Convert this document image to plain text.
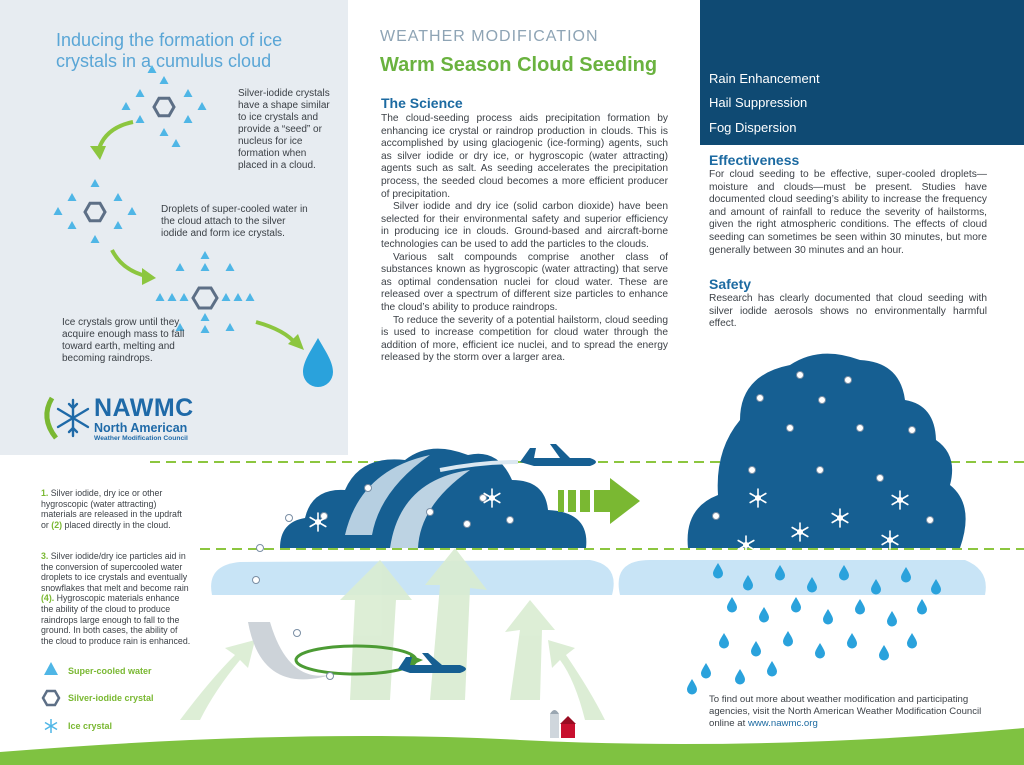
Inducing the formation of ice crystals in a cumulus cloud
Silver-iodide crystals have a shape similar to ice crystals and provide a “seed” or nucleus for ice formation when placed in a cloud.
Droplets of super-cooled water in the cloud attach to the silver iodide and form ice crystals.
Ice crystals grow until they acquire enough mass to fall toward earth, melting and becoming raindrops.
NAWMC
North American
Weather Modification Council
WEATHER MODIFICATION
Warm Season Cloud Seeding
The Science

The cloud-seeding process aids precipitation formation by enhancing ice crystal or raindrop production in clouds. This is accomplished by using glaciogenic (ice-forming) agents, such as silver iodide or dry ice, or hygroscopic (water attracting) agents such as salt. As seeding accelerates the precipitation process, the seeded cloud becomes a more efficient producer of precipitation.

Silver iodide and dry ice (solid carbon dioxide) have been selected for their environmental safety and superior efficiency in producing ice in clouds. Ground-based and aircraft-borne technologies can be used to add the particles to the clouds.

Various salt compounds comprise another class of substances known as hygroscopic (water attracting) that serve as optimal condensation nuclei for cloud water. These are released over a spectrum of different size particles to enhance the cloud’s ability to produce raindrops.

To reduce the severity of a potential hailstorm, cloud seeding is used to increase competition for cloud water through the addition of more, efficient ice nuclei, and to spread the energy released by the storm over a larger area.

Rain Enhancement
Hail Suppression
Fog Dispersion
Effectiveness

For cloud seeding to be effective, super-cooled droplets—moisture and clouds—must be present. Studies have documented cloud seeding’s ability to increase the frequency and amount of rainfall to reduce the severity of hailstorms, given the right atmospheric conditions. The effects of cloud seeding can sometimes be seen within 30 minutes, but more generally between 30 minutes and an hour.

Safety

Research has clearly documented that cloud seeding with silver iodide aerosols shows no environmentally harmful effect.

1. Silver iodide, dry ice or other hygroscopic (water attracting) materials are released in the updraft or (2) placed directly in the cloud.
3. Silver iodide/dry ice particles aid in the conversion of supercooled water droplets to ice crystals and eventually snowflakes that melt and become rain (4). Hygroscopic materials enhance the ability of the cloud to produce raindrops large enough to fall to the ground. In both cases, the ability of the cloud to produce rain is enhanced.
Super-cooled water
Silver-iodide crystal
Ice crystal
To find out more about weather modification and participating agencies, visit the North American Weather Modification Council online at www.nawmc.org
